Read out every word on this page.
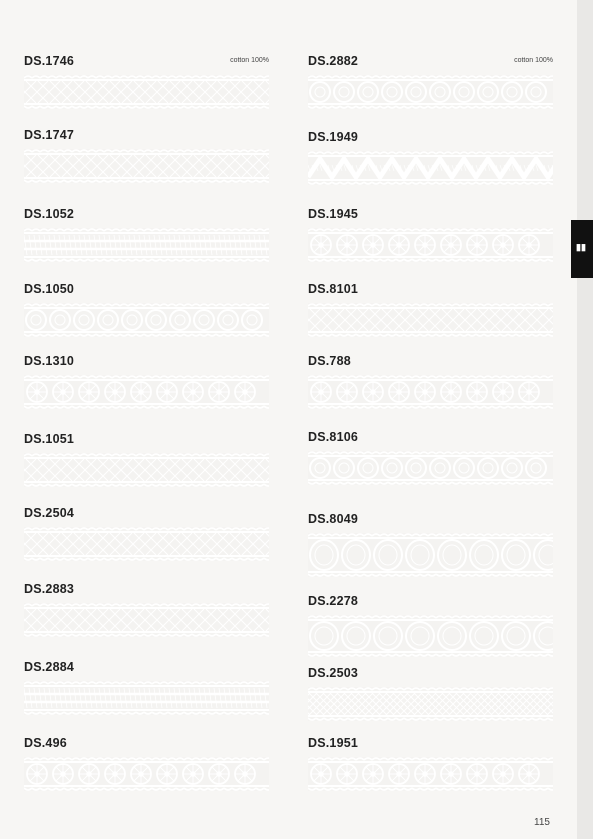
DS.1746	cotton 100%
DS.1747
DS.1052
DS.1050
DS.1310
DS.1051
DS.2504
DS.2883
DS.2884
DS.496
DS.2882	cotton 100%
DS.1949
DS.1945
DS.8101
DS.788
DS.8106
DS.8049
DS.2278
DS.2503
DS.1951
▮▮
115
